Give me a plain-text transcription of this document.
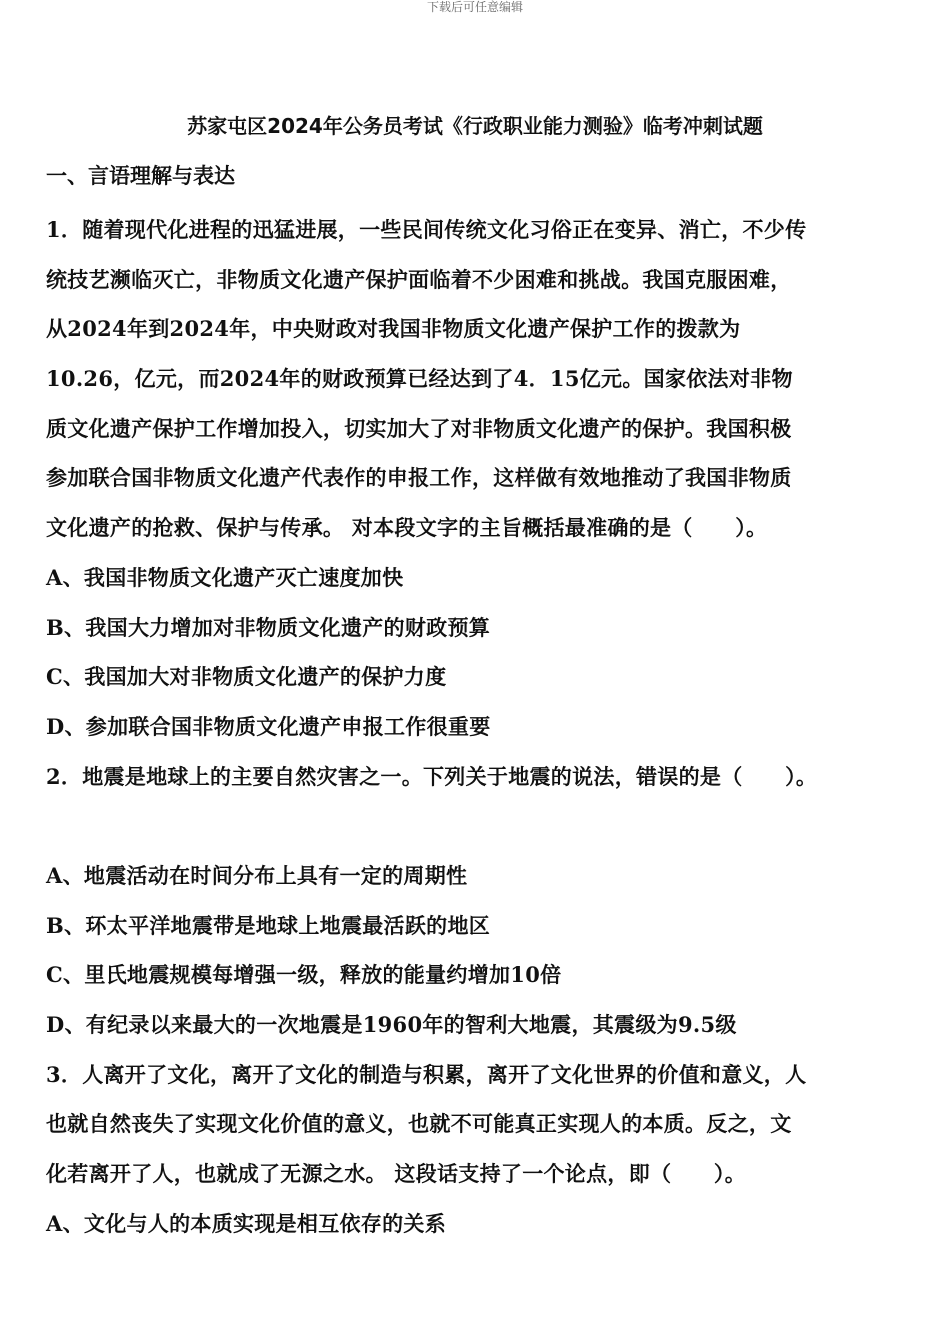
下载后可任意编辑
苏家屯区2024年公务员考试《行政职业能力测验》临考冲刺试题
一、言语理解与表达
1．随着现代化进程的迅猛进展，一些民间传统文化习俗正在变异、消亡，不少传
统技艺濒临灭亡，非物质文化遗产保护面临着不少困难和挑战。我国克服困难，
从2024年到2024年，中央财政对我国非物质文化遗产保护工作的拨款为
10.26，亿元，而2024年的财政预算已经达到了4．15亿元。国家依法对非物
质文化遗产保护工作增加投入，切实加大了对非物质文化遗产的保护。我国积极
参加联合国非物质文化遗产代表作的申报工作，这样做有效地推动了我国非物质
文化遗产的抢救、保护与传承。 对本段文字的主旨概括最准确的是（　　）。
A、我国非物质文化遗产灭亡速度加快
B、我国大力增加对非物质文化遗产的财政预算
C、我国加大对非物质文化遗产的保护力度
D、参加联合国非物质文化遗产申报工作很重要
2．地震是地球上的主要自然灾害之一。下列关于地震的说法，错误的是（　　）。
A、地震活动在时间分布上具有一定的周期性
B、环太平洋地震带是地球上地震最活跃的地区
C、里氏地震规模每增强一级，释放的能量约增加10倍
D、有纪录以来最大的一次地震是1960年的智利大地震，其震级为9.5级
3．人离开了文化，离开了文化的制造与积累，离开了文化世界的价值和意义，人
也就自然丧失了实现文化价值的意义，也就不可能真正实现人的本质。反之，文
化若离开了人，也就成了无源之水。 这段话支持了一个论点，即（　　）。
A、文化与人的本质实现是相互依存的关系
